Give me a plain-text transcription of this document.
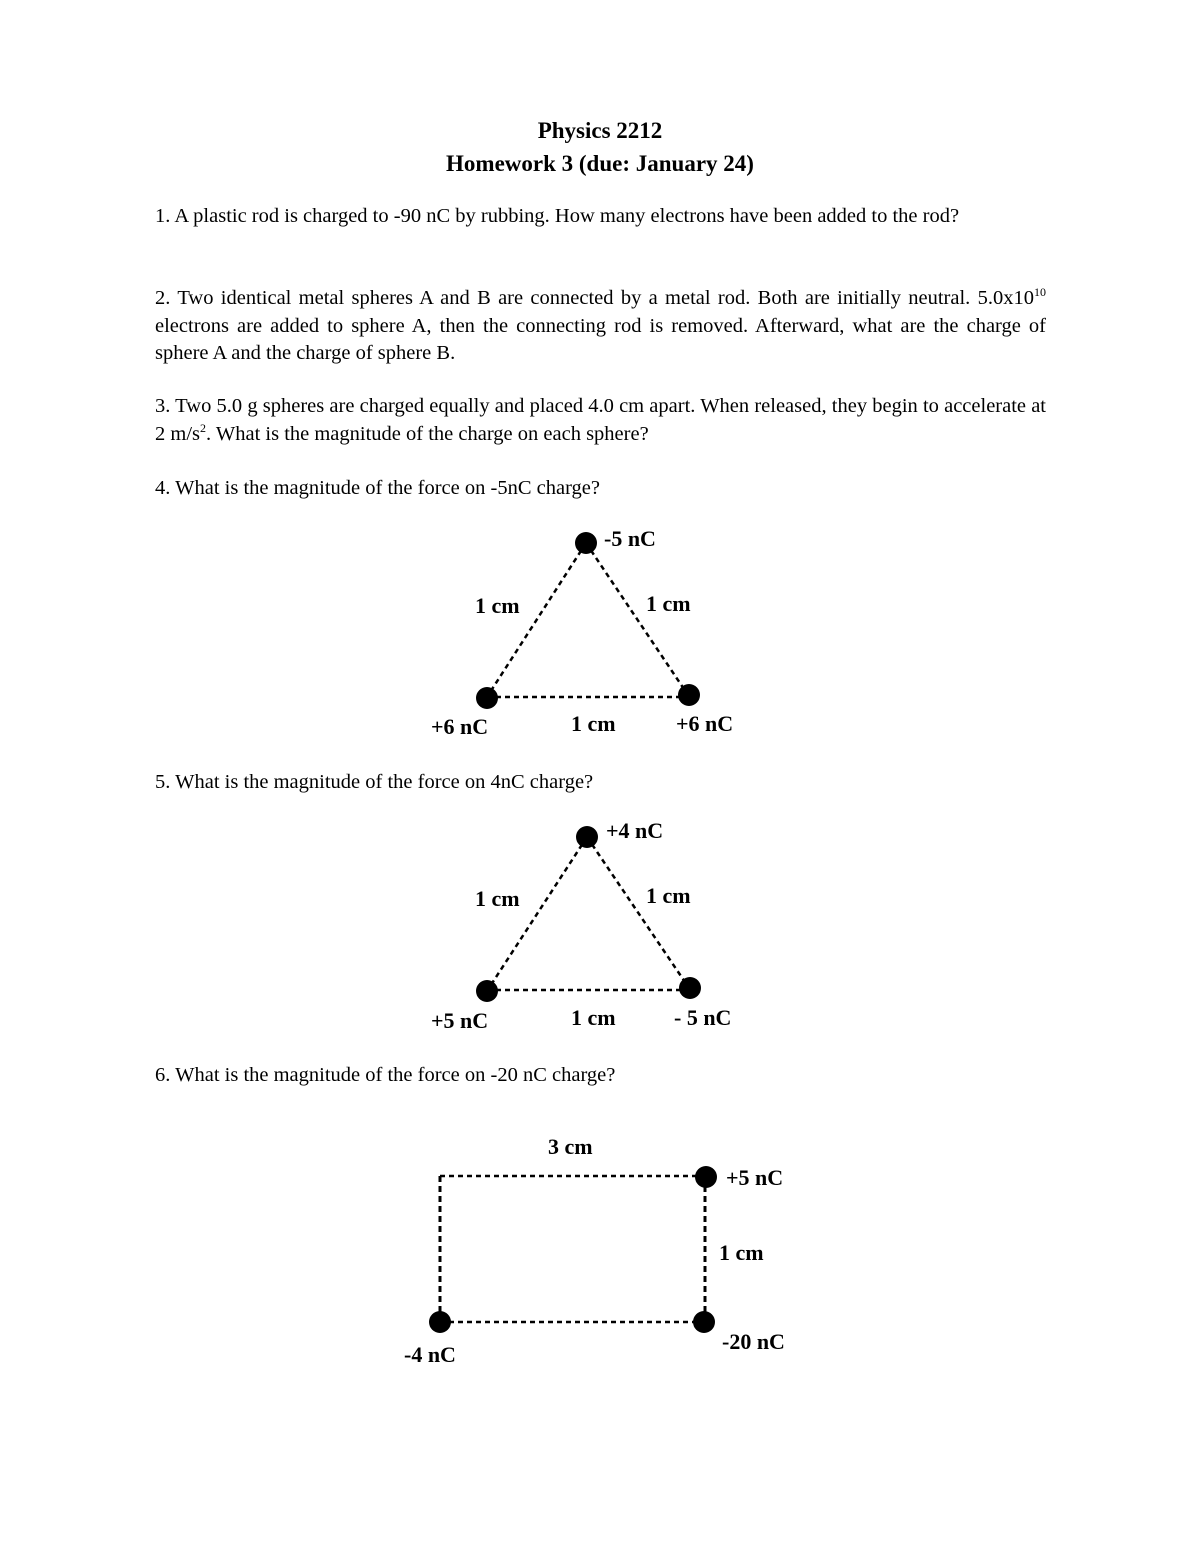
Physics 2212
Homework 3 (due: January 24)
1. A plastic rod is charged to -90 nC by rubbing. How many electrons have been added to the rod?
2. Two identical metal spheres A and B are connected by a metal rod. Both are initially neutral. $5.0x10^{10}$ electrons are added to sphere A, then the connecting rod is removed. Afterward, what are the charge of sphere A and the charge of sphere B.
3. Two 5.0 g spheres are charged equally and placed 4.0 cm apart. When released, they begin to accelerate at 2 $m/s^2$. What is the magnitude of the charge on each sphere?
4. What is the magnitude of the force on -5nC charge?
5. What is the magnitude of the force on 4nC charge?
6. What is the magnitude of the force on -20 nC charge?
-5 nC
+6 nC	+6 nC
1 cm	1 cm
1 cm
+4 nC
+5 nC	- 5 nC
1 cm	1 cm
1 cm
3 cm
+5 nC
1 cm
-20 nC
-4 nC
